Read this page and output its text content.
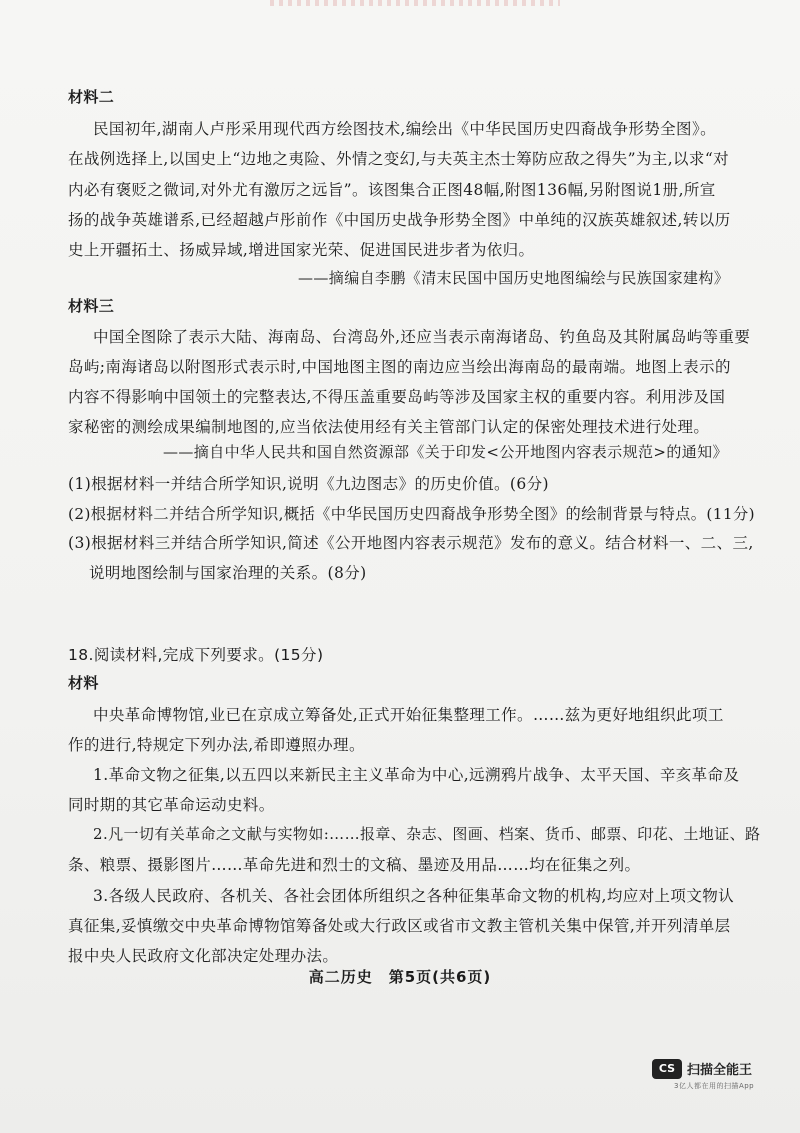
材料二
民国初年,湖南人卢彤采用现代西方绘图技术,编绘出《中华民国历史四裔战争形势全图》。
在战例选择上,以国史上“边地之夷险、外情之变幻,与夫英主杰士筹防应敌之得失”为主,以求“对
内必有褒贬之微词,对外尤有激厉之远旨”。该图集合正图48幅,附图136幅,另附图说1册,所宣
扬的战争英雄谱系,已经超越卢彤前作《中国历史战争形势全图》中单纯的汉族英雄叙述,转以历
史上开疆拓土、扬威异域,增进国家光荣、促进国民进步者为依归。
——摘编自李鹏《清末民国中国历史地图编绘与民族国家建构》
材料三
中国全图除了表示大陆、海南岛、台湾岛外,还应当表示南海诸岛、钓鱼岛及其附属岛屿等重要
岛屿;南海诸岛以附图形式表示时,中国地图主图的南边应当绘出海南岛的最南端。地图上表示的
内容不得影响中国领土的完整表达,不得压盖重要岛屿等涉及国家主权的重要内容。利用涉及国
家秘密的测绘成果编制地图的,应当依法使用经有关主管部门认定的保密处理技术进行处理。
——摘自中华人民共和国自然资源部《关于印发<公开地图内容表示规范>的通知》
(1)根据材料一并结合所学知识,说明《九边图志》的历史价值。(6分)
(2)根据材料二并结合所学知识,概括《中华民国历史四裔战争形势全图》的绘制背景与特点。(11分)
(3)根据材料三并结合所学知识,简述《公开地图内容表示规范》发布的意义。结合材料一、二、三,
说明地图绘制与国家治理的关系。(8分)
18.阅读材料,完成下列要求。(15分)
材料
中央革命博物馆,业已在京成立筹备处,正式开始征集整理工作。……兹为更好地组织此项工
作的进行,特规定下列办法,希即遵照办理。
1.革命文物之征集,以五四以来新民主主义革命为中心,远溯鸦片战争、太平天国、辛亥革命及
同时期的其它革命运动史料。
2.凡一切有关革命之文献与实物如:……报章、杂志、图画、档案、货币、邮票、印花、土地证、路
条、粮票、摄影图片……革命先进和烈士的文稿、墨迹及用品……均在征集之列。
3.各级人民政府、各机关、各社会团体所组织之各种征集革命文物的机构,均应对上项文物认
真征集,妥慎缴交中央革命博物馆筹备处或大行政区或省市文教主管机关集中保管,并开列清单层
报中央人民政府文化部决定处理办法。
高二历史　第5页(共6页)
CS 扫描全能王
3亿人都在用的扫描App
